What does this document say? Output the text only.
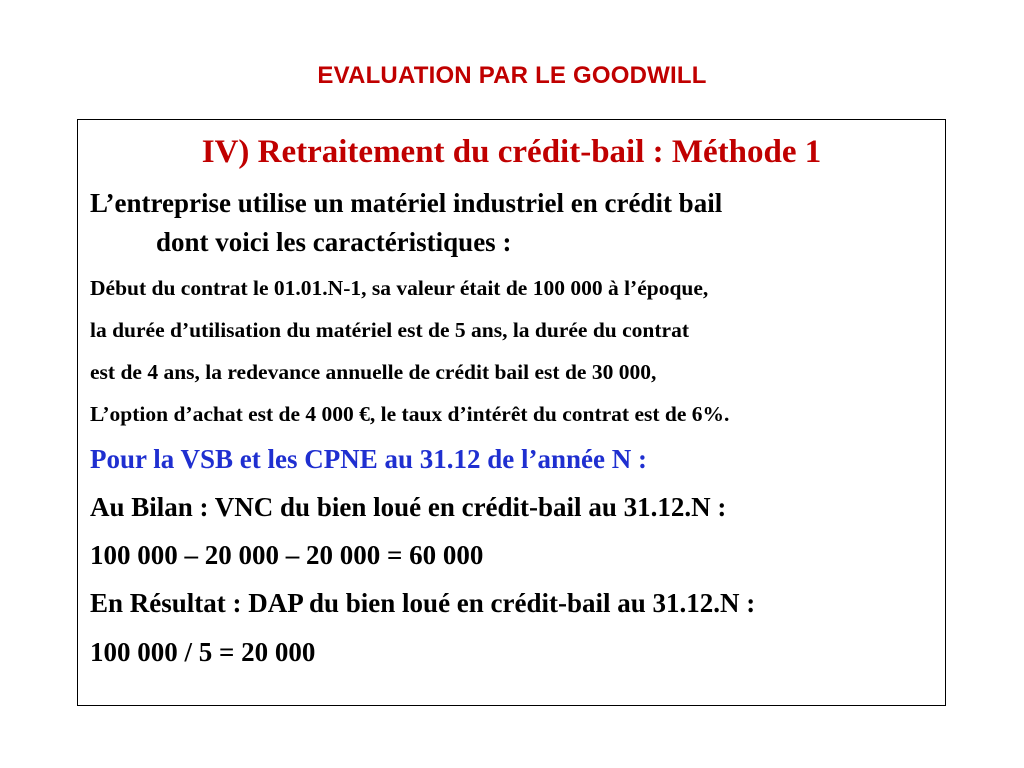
EVALUATION PAR LE GOODWILL
IV) Retraitement du crédit-bail : Méthode 1
L’entreprise utilise un matériel industriel en crédit bail
dont voici les caractéristiques :
Début du contrat le 01.01.N-1, sa valeur était de 100 000 à l’époque,
la durée d’utilisation du matériel est de 5 ans, la durée du contrat
est de 4 ans, la redevance annuelle de crédit bail est de 30 000,
L’option d’achat est de 4 000 €, le taux d’intérêt du contrat est de 6%.
Pour la VSB et les CPNE au 31.12 de l’année N :
Au Bilan : VNC du bien loué en crédit-bail au 31.12.N :
100 000 – 20 000 – 20 000 = 60 000
En Résultat : DAP du bien loué en crédit-bail au 31.12.N :
100 000 / 5 = 20 000
